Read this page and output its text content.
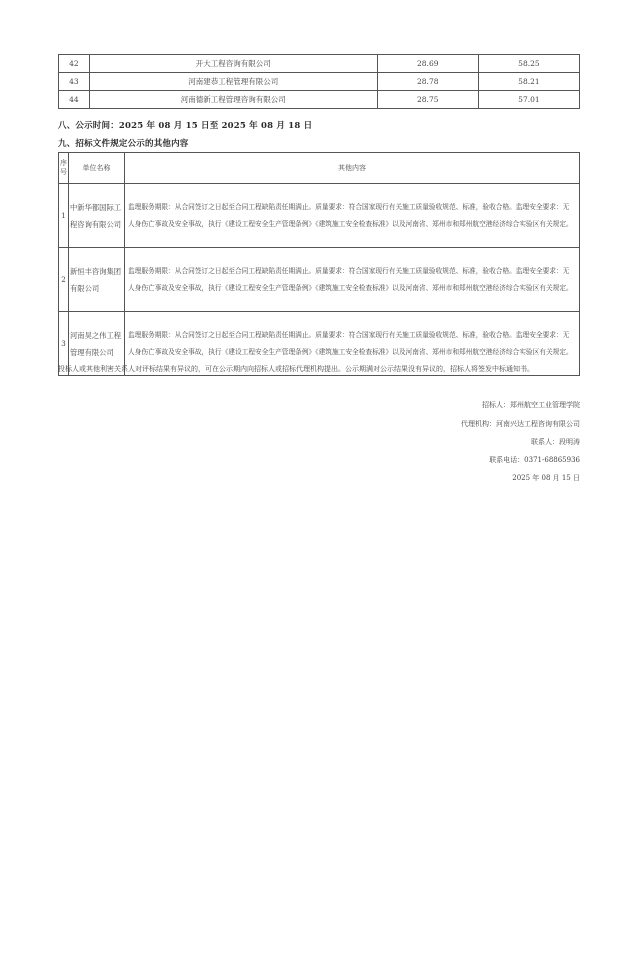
42	开大工程咨询有限公司	28.69	58.25
43	河南建恭工程管理有限公司	28.78	58.21
44	河南德新工程管理咨询有限公司	28.75	57.01
八、公示时间：2025 年 08 月 15 日至 2025 年 08 月 18 日
九、招标文件规定公示的其他内容
序号	单位名称	其他内容
1	中新华都国际工程咨询有限公司	监理服务期限：从合同签订之日起至合同工程缺陷责任期满止。质量要求：符合国家现行有关施工质量验收规范、标准，验收合格。监理安全要求：无人身伤亡事故及安全事故，执行《建设工程安全生产管理条例》《建筑施工安全检查标准》以及河南省、郑州市和郑州航空港经济综合实验区有关规定。
2	新恒丰咨询集团有限公司	监理服务期限：从合同签订之日起至合同工程缺陷责任期满止。质量要求：符合国家现行有关施工质量验收规范、标准，验收合格。监理安全要求：无人身伤亡事故及安全事故，执行《建设工程安全生产管理条例》《建筑施工安全检查标准》以及河南省、郑州市和郑州航空港经济综合实验区有关规定。
3	河南昊之伟工程管理有限公司	监理服务期限：从合同签订之日起至合同工程缺陷责任期满止。质量要求：符合国家现行有关施工质量验收规范、标准，验收合格。监理安全要求：无人身伤亡事故及安全事故，执行《建设工程安全生产管理条例》《建筑施工安全检查标准》以及河南省、郑州市和郑州航空港经济综合实验区有关规定。
投标人或其他利害关系人对评标结果有异议的，可在公示期内向招标人或招标代理机构提出。公示期满对公示结果没有异议的，招标人将签发中标通知书。
招标人：郑州航空工业管理学院
代理机构：河南兴达工程咨询有限公司
联系人：段明涛
联系电话：0371-68865936
2025 年 08 月 15 日
